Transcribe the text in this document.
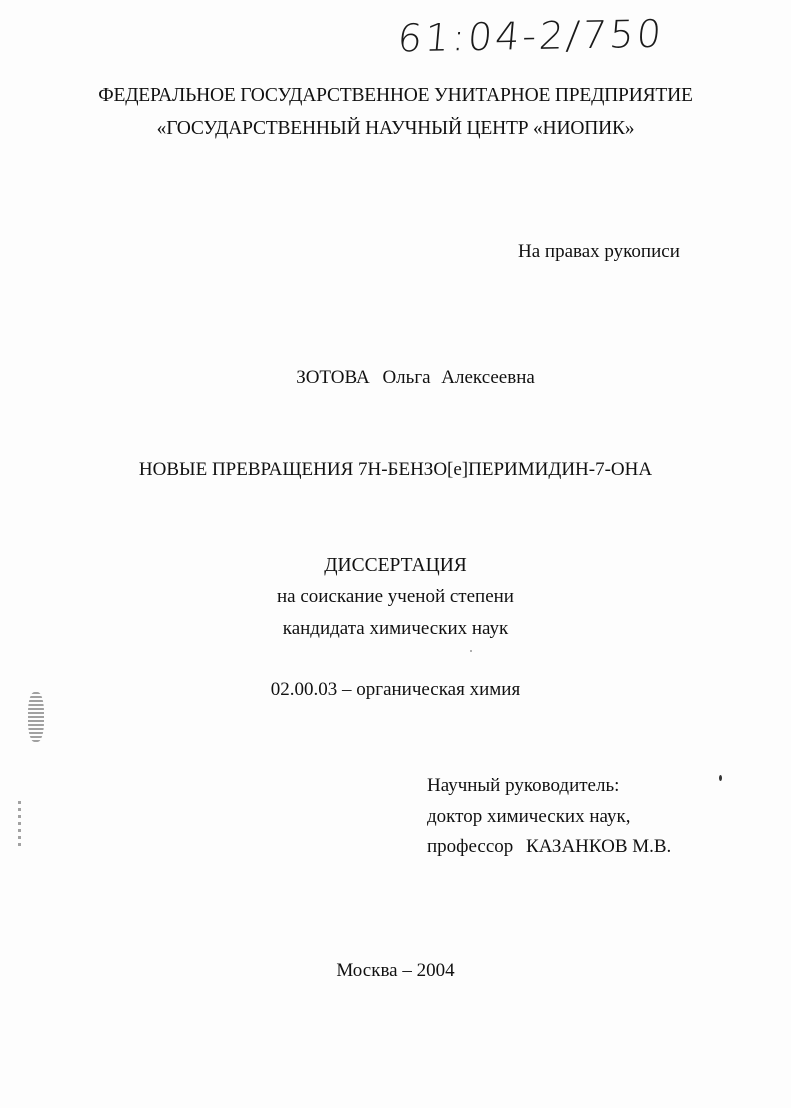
61:04-2/750
ФЕДЕРАЛЬНОЕ ГОСУДАРСТВЕННОЕ УНИТАРНОЕ ПРЕДПРИЯТИЕ
«ГОСУДАРСТВЕННЫЙ НАУЧНЫЙ ЦЕНТР «НИОПИК»
На правах рукописи
ЗОТОВА Ольга Алексеевна
НОВЫЕ ПРЕВРАЩЕНИЯ 7Н-БЕНЗО[е]ПЕРИМИДИН-7-ОНА
ДИССЕРТАЦИЯ
на соискание ученой степени
кандидата химических наук
02.00.03 – органическая химия
Научный руководитель:
доктор химических наук,
профессор КАЗАНКОВ М.В.
Москва – 2004
